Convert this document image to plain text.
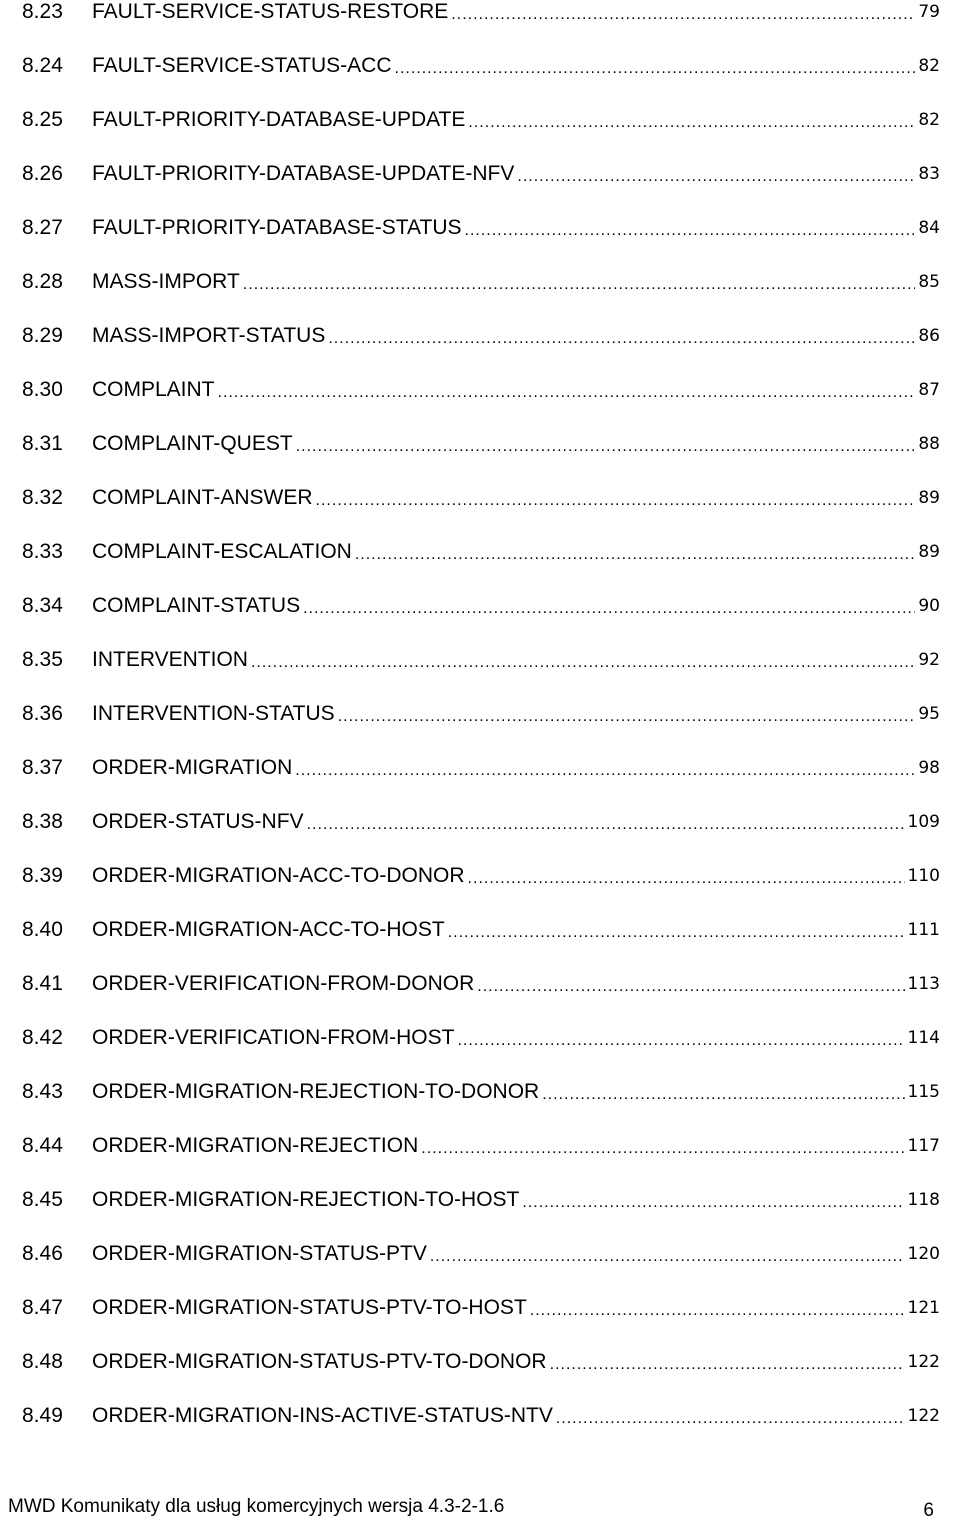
8.23	FAULT-SERVICE-STATUS-RESTORE .....	79
8.24	FAULT-SERVICE-STATUS-ACC .....	82
8.25	FAULT-PRIORITY-DATABASE-UPDATE .....	82
8.26	FAULT-PRIORITY-DATABASE-UPDATE-NFV .....	83
8.27	FAULT-PRIORITY-DATABASE-STATUS .....	84
8.28	MASS-IMPORT .....	85
8.29	MASS-IMPORT-STATUS .....	86
8.30	COMPLAINT .....	87
8.31	COMPLAINT-QUEST .....	88
8.32	COMPLAINT-ANSWER .....	89
8.33	COMPLAINT-ESCALATION .....	89
8.34	COMPLAINT-STATUS .....	90
8.35	INTERVENTION .....	92
8.36	INTERVENTION-STATUS .....	95
8.37	ORDER-MIGRATION .....	98
8.38	ORDER-STATUS-NFV .....	109
8.39	ORDER-MIGRATION-ACC-TO-DONOR .....	110
8.40	ORDER-MIGRATION-ACC-TO-HOST .....	111
8.41	ORDER-VERIFICATION-FROM-DONOR .....	113
8.42	ORDER-VERIFICATION-FROM-HOST .....	114
8.43	ORDER-MIGRATION-REJECTION-TO-DONOR .....	115
8.44	ORDER-MIGRATION-REJECTION .....	117
8.45	ORDER-MIGRATION-REJECTION-TO-HOST .....	118
8.46	ORDER-MIGRATION-STATUS-PTV .....	120
8.47	ORDER-MIGRATION-STATUS-PTV-TO-HOST .....	121
8.48	ORDER-MIGRATION-STATUS-PTV-TO-DONOR .....	122
8.49	ORDER-MIGRATION-INS-ACTIVE-STATUS-NTV .....	122
MWD Komunikaty dla usług komercyjnych wersja 4.3-2-1.6	6
